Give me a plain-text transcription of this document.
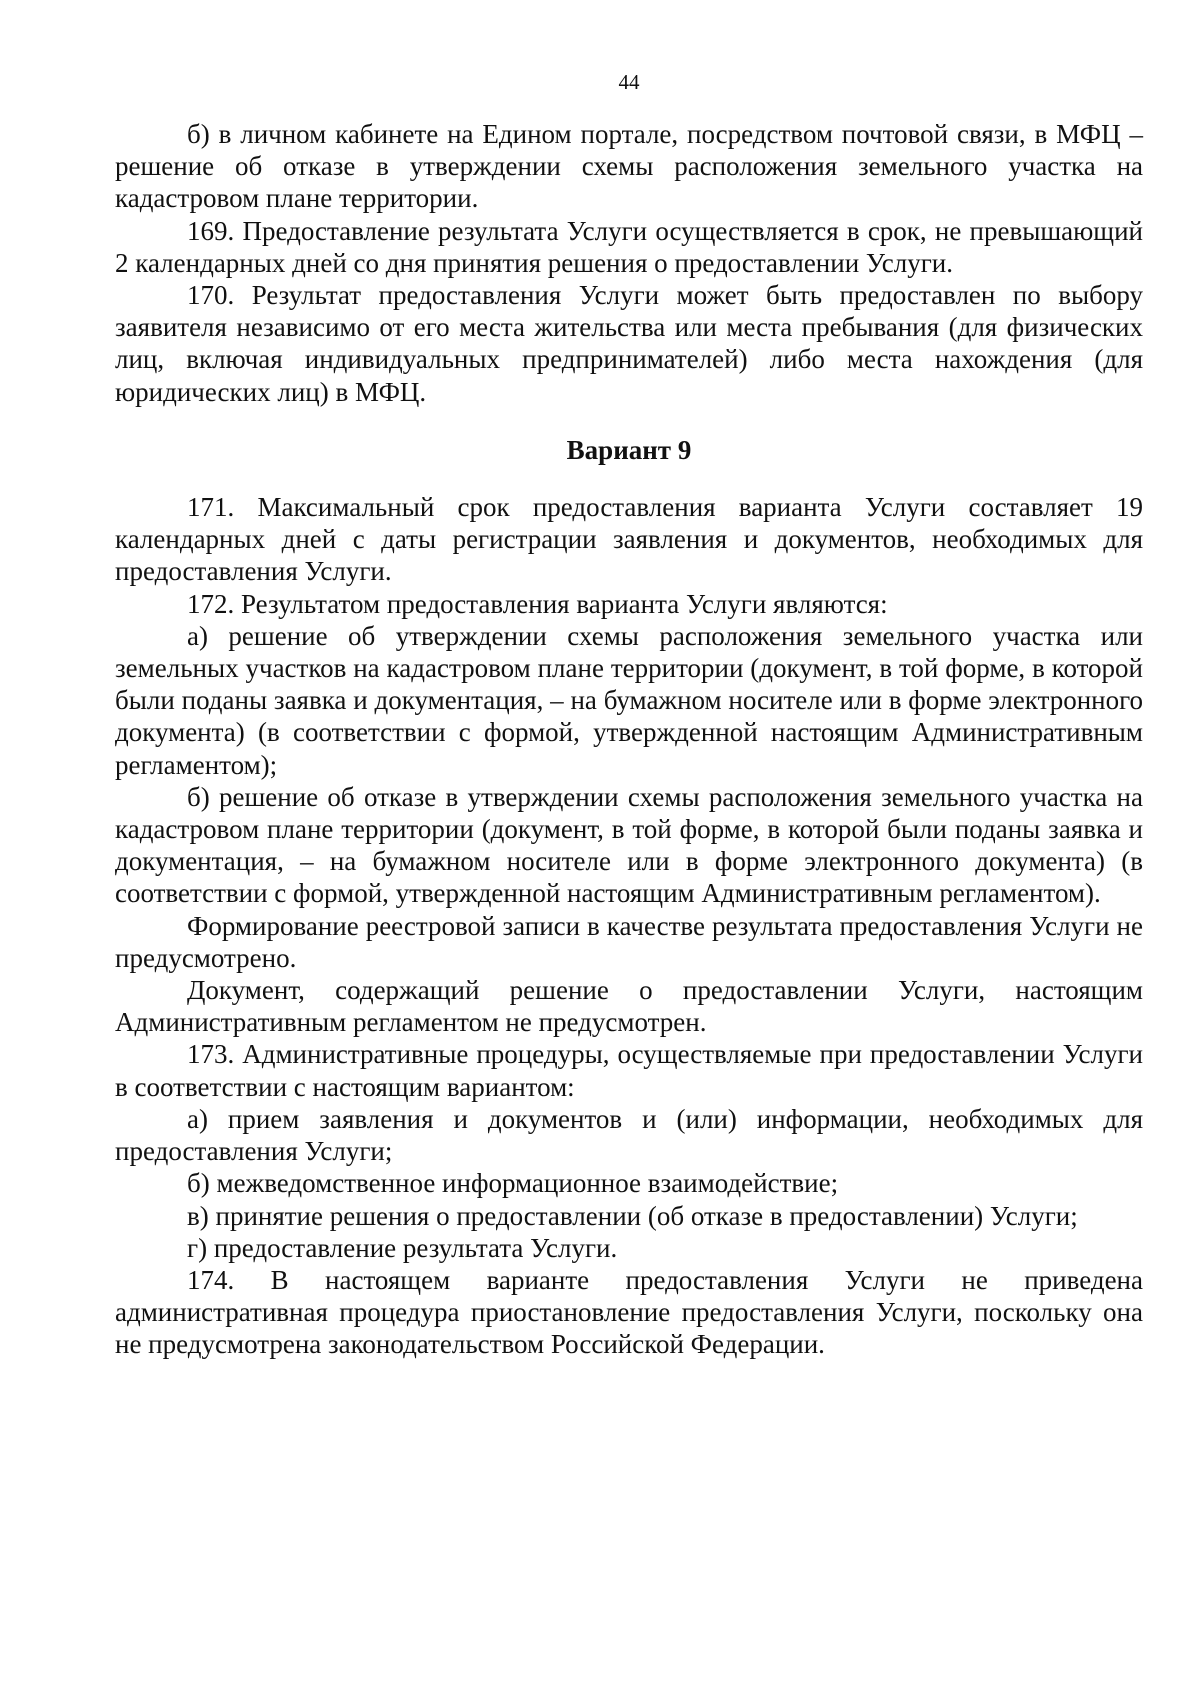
44

б) в личном кабинете на Едином портале, посредством почтовой связи, в МФЦ – решение об отказе в утверждении схемы расположения земельного участка на кадастровом плане территории.

169. Предоставление результата Услуги осуществляется в срок, не превышающий 2 календарных дней со дня принятия решения о предоставлении Услуги.

170. Результат предоставления Услуги может быть предоставлен по выбору заявителя независимо от его места жительства или места пребывания (для физических лиц, включая индивидуальных предпринимателей) либо места нахождения (для юридических лиц) в МФЦ.

Вариант 9

171. Максимальный срок предоставления варианта Услуги составляет 19 календарных дней с даты регистрации заявления и документов, необходимых для предоставления Услуги.

172. Результатом предоставления варианта Услуги являются:

а) решение об утверждении схемы расположения земельного участка или земельных участков на кадастровом плане территории (документ, в той форме, в которой были поданы заявка и документация, – на бумажном носителе или в форме электронного документа) (в соответствии с формой, утвержденной настоящим Административным регламентом);

б) решение об отказе в утверждении схемы расположения земельного участка на кадастровом плане территории (документ, в той форме, в которой были поданы заявка и документация, – на бумажном носителе или в форме электронного документа) (в соответствии с формой, утвержденной настоящим Административным регламентом).

Формирование реестровой записи в качестве результата предоставления Услуги не предусмотрено.

Документ, содержащий решение о предоставлении Услуги, настоящим Административным регламентом не предусмотрен.

173. Административные процедуры, осуществляемые при предоставлении Услуги в соответствии с настоящим вариантом:

а) прием заявления и документов и (или) информации, необходимых для предоставления Услуги;

б) межведомственное информационное взаимодействие;

в) принятие решения о предоставлении (об отказе в предоставлении) Услуги;

г) предоставление результата Услуги.

174. В настоящем варианте предоставления Услуги не приведена административная процедура приостановление предоставления Услуги, поскольку она не предусмотрена законодательством Российской Федерации.
